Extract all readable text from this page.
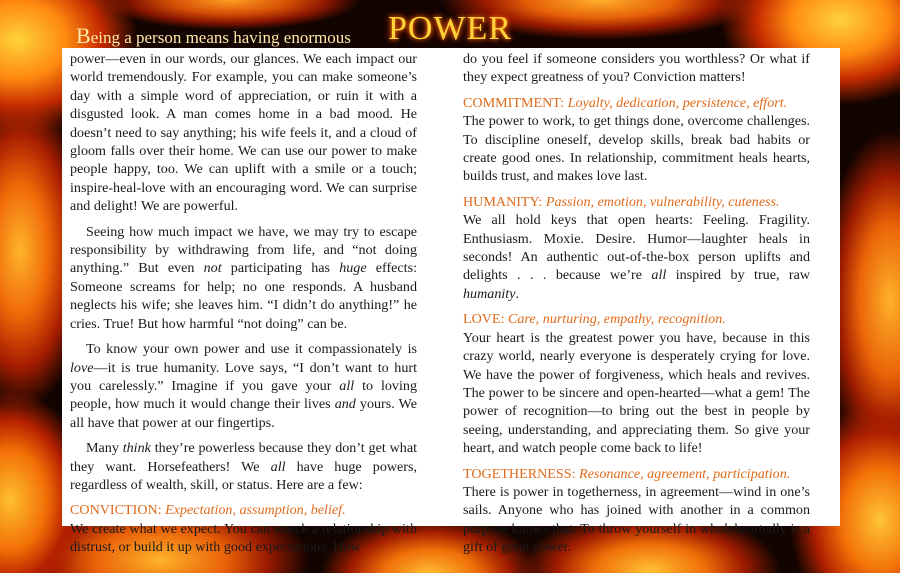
Being a person means having enormous POWER

power—even in our words, our glances. We each impact our world tremendously. For example, you can make someone’s day with a simple word of appreciation, or ruin it with a disgusted look. A man comes home in a bad mood. He doesn’t need to say anything; his wife feels it, and a cloud of gloom falls over their home. We can use our power to make people happy, too. We can uplift with a smile or a touch; inspire-heal-love with an encouraging word. We can surprise and delight! We are powerful.

Seeing how much impact we have, we may try to escape responsibility by withdrawing from life, and “not doing anything.” But even not participating has huge effects: Someone screams for help; no one responds. A husband neglects his wife; she leaves him. “I didn’t do anything!” he cries. True! But how harmful “not doing” can be.

To know your own power and use it compassionately is love—it is true humanity. Love says, “I don’t want to hurt you carelessly.” Imagine if you gave your all to loving people, how much it would change their lives and yours. We all have that power at our fingertips.

Many think they’re powerless because they don’t get what they want. Horsefeathers! We all have huge powers, regardless of wealth, skill, or status. Here are a few:

CONVICTION: Expectation, assumption, belief.

We create what we expect. You can wreck a relationship with distrust, or build it up with good expectations. How

do you feel if someone considers you worthless? Or what if they expect greatness of you? Conviction matters!

COMMITMENT: Loyalty, dedication, persistence, effort.

The power to work, to get things done, overcome challenges. To discipline oneself, develop skills, break bad habits or create good ones. In relationship, commitment heals hearts, builds trust, and makes love last.

HUMANITY: Passion, emotion, vulnerability, cuteness.

We all hold keys that open hearts: Feeling. Fragility. Enthusiasm. Moxie. Desire. Humor—laughter heals in seconds! An authentic out-of-the-box person uplifts and delights . . . because we’re all inspired by true, raw humanity.

LOVE: Care, nurturing, empathy, recognition.

Your heart is the greatest power you have, because in this crazy world, nearly everyone is desperately crying for love. We have the power of forgiveness, which heals and revives. The power to be sincere and open-hearted—what a gem! The power of recognition—to bring out the best in people by seeing, understanding, and appreciating them. So give your heart, and watch people come back to life!

TOGETHERNESS: Resonance, agreement, participation.

There is power in togetherness, in agreement—wind in one’s sails. Anyone who has joined with another in a common purpose knows that. To throw yourself in wholeheartedly is a gift of great power.
